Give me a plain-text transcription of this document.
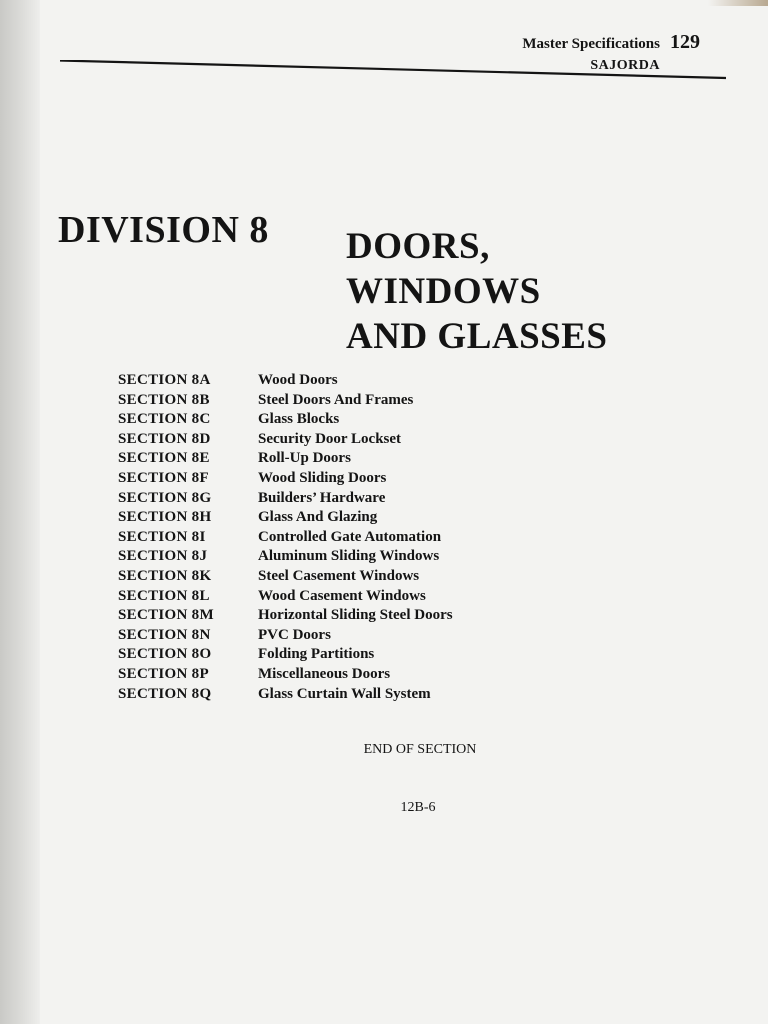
Master Specifications 129
SAJORDA
DIVISION 8 DOORS,
WINDOWS
AND GLASSES
SECTION 8A	Wood Doors
SECTION 8B	Steel Doors And Frames
SECTION 8C	Glass Blocks
SECTION 8D	Security Door Lockset
SECTION 8E	Roll-Up Doors
SECTION 8F	Wood Sliding Doors
SECTION 8G	Builders’ Hardware
SECTION 8H	Glass And Glazing
SECTION 8I	Controlled Gate Automation
SECTION 8J	Aluminum Sliding Windows
SECTION 8K	Steel Casement Windows
SECTION 8L	Wood Casement Windows
SECTION 8M	Horizontal Sliding Steel Doors
SECTION 8N	PVC Doors
SECTION 8O	Folding Partitions
SECTION 8P	Miscellaneous Doors
SECTION 8Q	Glass Curtain Wall System
END OF SECTION
12B-6
